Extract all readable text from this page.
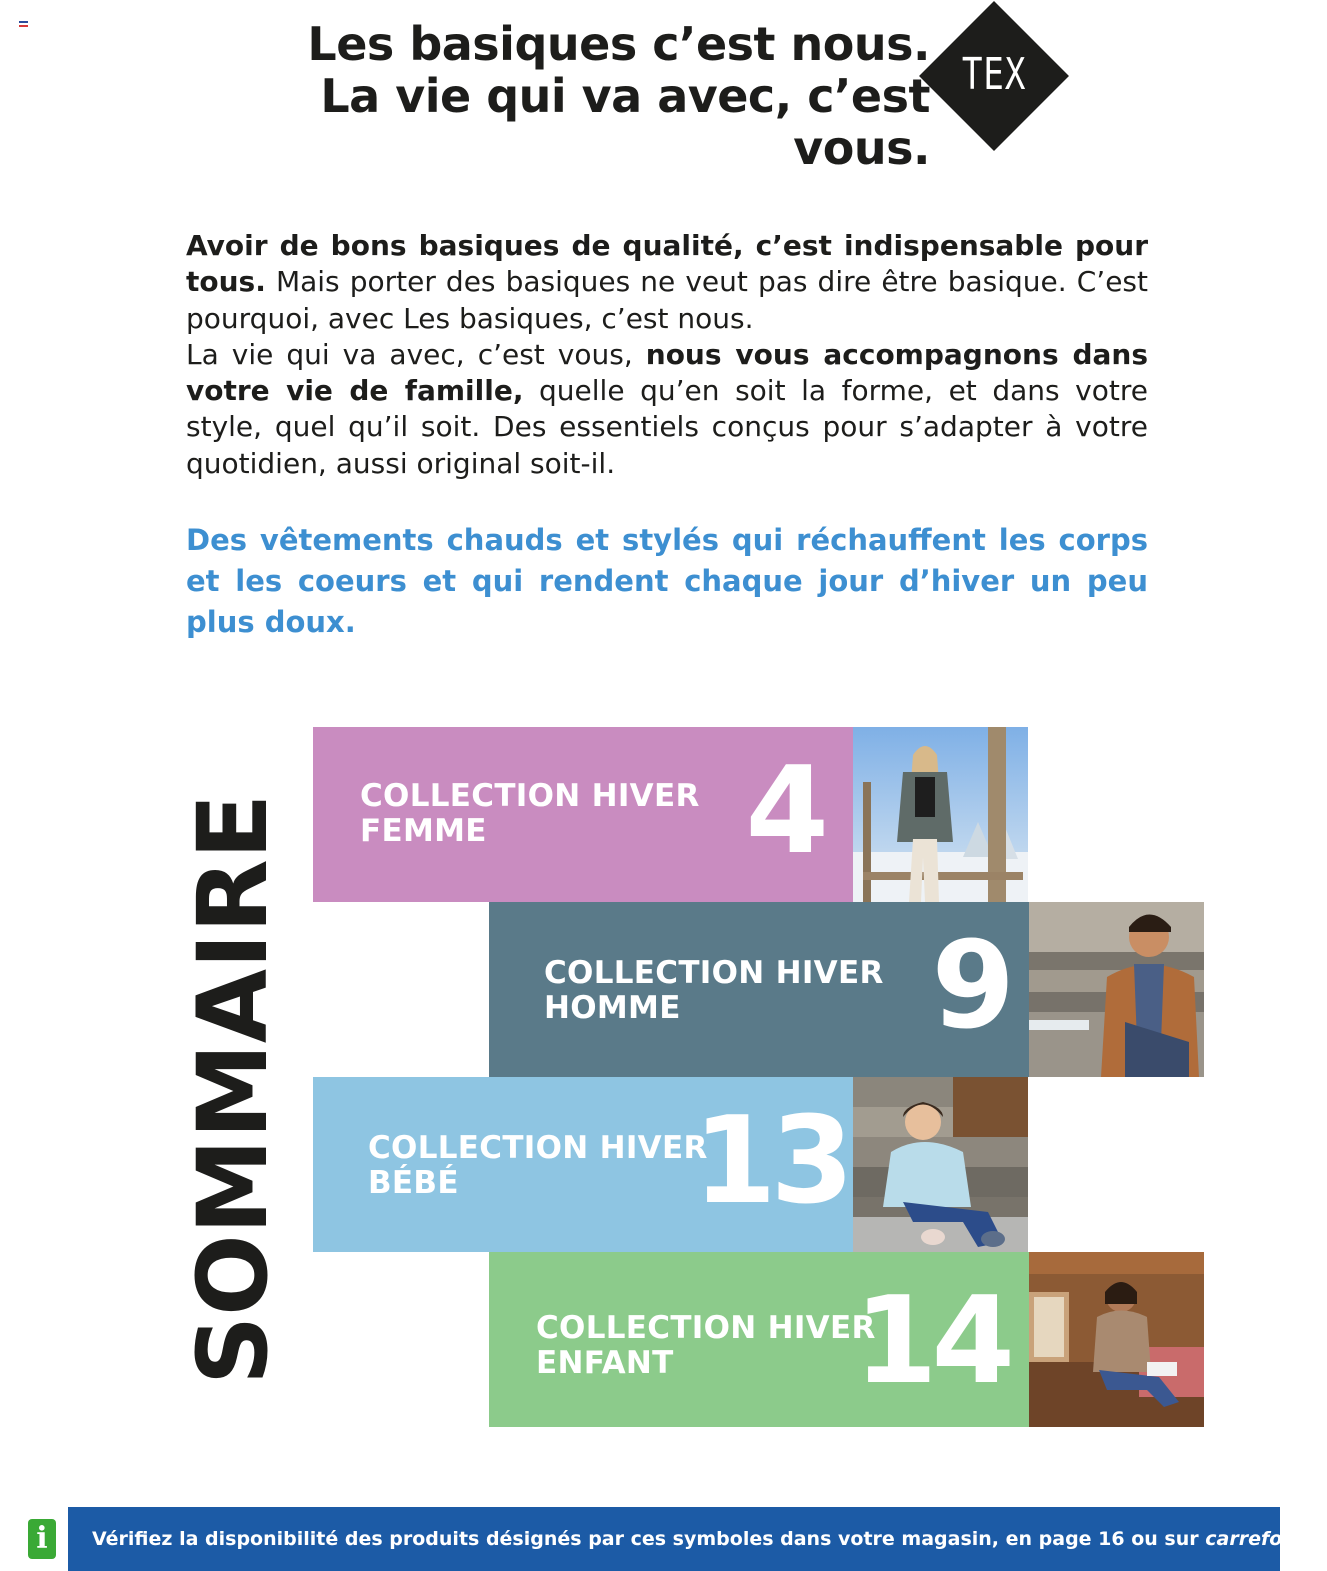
Les basiques c’est nous.
La vie qui va avec, c’est vous.
TEX

Avoir de bons basiques de qualité, c’est indispensable pour tous. Mais porter des basiques ne veut pas dire être basique. C’est pourquoi, avec Les basiques, c’est nous.
La vie qui va avec, c’est vous, nous vous accompagnons dans votre vie de famille, quelle qu’en soit la forme, et dans votre style, quel qu’il soit. Des essentiels conçus pour s’adapter à votre quotidien, aussi original soit-il.

Des vêtements chauds et stylés qui réchauffent les corps et les coeurs et qui rendent chaque jour d’hiver un peu plus doux.

SOMMAIRE COLLECTION HIVER
FEMME	4
COLLECTION HIVER
HOMME	9
COLLECTION HIVER
BÉBÉ	13
COLLECTION HIVER
ENFANT	14
i	Vérifiez la disponibilité des produits désignés par ces symboles dans votre magasin, en page 16 ou sur carrefour.fr
